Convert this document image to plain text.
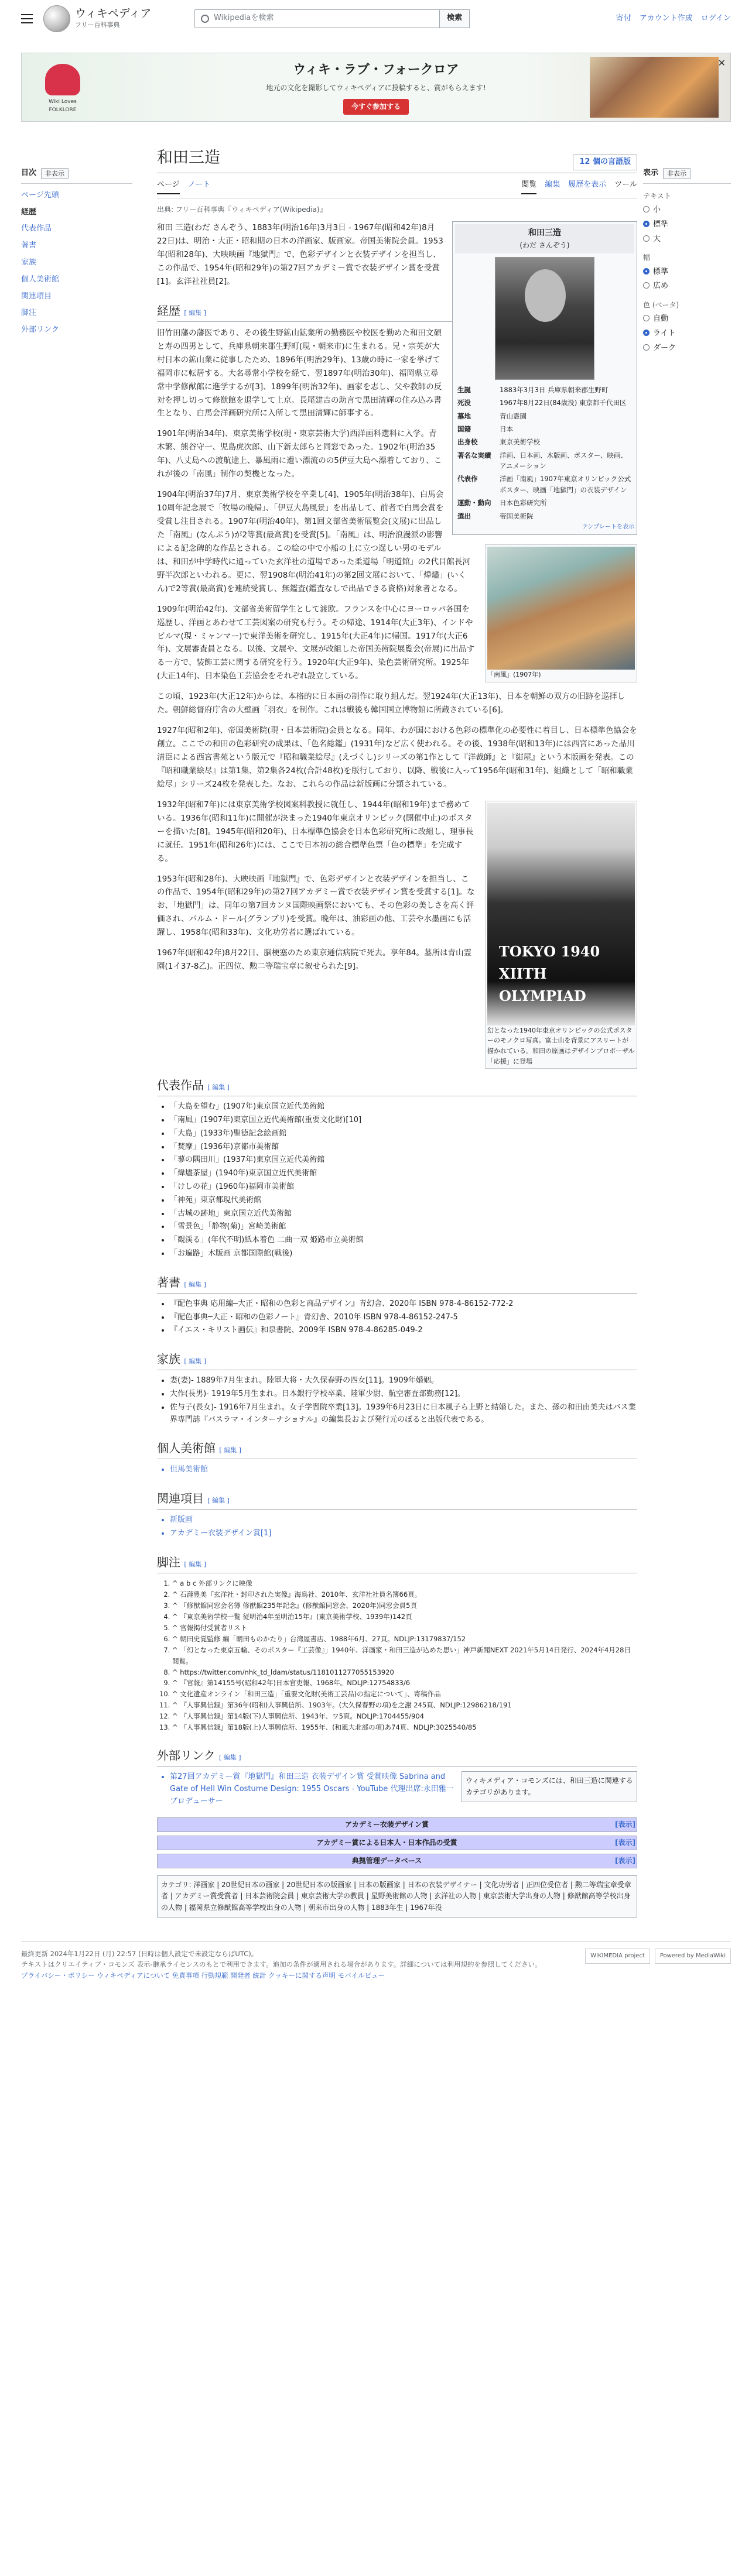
ウィキペディア
フリー百科事典
Wikipediaを検索	検索	寄付 アカウント作成 ログイン
Wiki Loves FOLKLORE
ウィキ・ラブ・フォークロア

地元の文化を撮影してウィキペディアに投稿すると、賞がもらえます!

今すぐ参加する
✕
目次	非表示
ページ先頭
経歴
代表作品
著書
家族
個人美術館
関連項目
脚注
外部リンク
和田三造	12 個の言語版
ページ ノート	閲覧 編集 履歴を表示 ツール
出典: フリー百科事典『ウィキペディア(Wikipedia)』
和田三造
(わだ さんぞう)
生誕	1883年3月3日 兵庫県朝来郡生野町
死没	1967年8月22日(84歳没) 東京都千代田区
墓地	青山霊園
国籍	日本
出身校	東京美術学校
著名な実績	洋画、日本画、木版画、ポスター、映画、アニメーション
代表作	洋画「南風」1907年東京オリンピック公式ポスター、映画「地獄門」の衣装デザイン
運動・動向	日本色彩研究所
選出	帝国美術院
テンプレートを表示

和田 三造(わだ さんぞう、1883年(明治16年)3月3日 - 1967年(昭和42年)8月22日)は、明治・大正・昭和期の日本の洋画家、版画家。帝国美術院会員。1953年(昭和28年)、大映映画『地獄門』で、色彩デザインと衣装デザインを担当し、この作品で、1954年(昭和29年)の第27回アカデミー賞で衣装デザイン賞を受賞[1]。玄洋社社員[2]。

経歴 [ 編集 ]

旧竹田藩の藩医であり、その後生野鉱山鉱業所の勤務医や校医を勤めた和田文碩と寿の四男として、兵庫県朝来郡生野町(現・朝来市)に生まれる。兄・宗英が大村日本の鉱山業に従事したため、1896年(明治29年)、13歳の時に一家を挙げて福岡市に転居する。大名尋常小学校を経て、翌1897年(明治30年)、福岡県立尋常中学修猷館に進学するが[3]、1899年(明治32年)、画家を志し、父や教師の反対を押し切って修猷館を退学して上京。長尾建吉の助言で黒田清輝の住み込み書生となり、白馬会洋画研究所に入所して黒田清輝に師事する。

「南風」(1907年)

1901年(明治34年)、東京美術学校(現・東京芸術大学)西洋画科選科に入学。青木繁、熊谷守一、児島虎次郎、山下新太郎らと同窓であった。1902年(明治35年)、八丈島への渡航途上、暴風雨に遭い漂流のの5伊豆大島へ漂着しており、これが後の「南風」制作の契機となった。

1904年(明治37年)7月、東京美術学校を卒業し[4]、1905年(明治38年)、白馬会10周年記念展で「牧場の晩帰」、「伊豆大島風景」を出品して、前者で白馬会賞を受賞し注目される。1907年(明治40年)、第1回文部省美術展覧会(文展)に出品した「南風」(なんぷう)が2等賞(最高賞)を受賞[5]。「南風」は、明治浪漫派の影響による記念碑的な作品とされる。この絵の中で小船の上に立つ逞しい男のモデルは、和田が中学時代に通っていた玄洋社の道場であった柔道場「明道館」の2代目館長河野半次郎といわれる。更に、翌1908年(明治41年)の第2回文展において、「煒燼」(いくん)で2等賞(最高賞)を連続受賞し、無鑑査(鑑査なしで出品できる資格)対象者となる。

1909年(明治42年)、文部省美術留学生として渡欧。フランスを中心にヨーロッパ各国を巡歴し、洋画とあわせて工芸図案の研究も行う。その帰途、1914年(大正3年)、インドやビルマ(現・ミャンマー)で東洋美術を研究し、1915年(大正4年)に帰国。1917年(大正6年)、文展審査員となる。以後、文展や、文展が改組した帝国美術院展覧会(帝展)に出品する一方で、装飾工芸に関する研究を行う。1920年(大正9年)、染色芸術研究所。1925年(大正14年)、日本染色工芸協会をそれぞれ設立している。

この頃、1923年(大正12年)からは、本格的に日本画の制作に取り組んだ。翌1924年(大正13年)、日本を朝鮮の双方の旧跡を巡拝した。朝鮮総督府庁舎の大壁画「羽衣」を制作。これは戦後も韓国国立博物館に所蔵されている[6]。

1927年(昭和2年)、帝国美術院(現・日本芸術院)会員となる。同年、わが国における色彩の標準化の必要性に着目し、日本標準色協会を創立。ここでの和田の色彩研究の成果は、「色名総鑑」(1931年)など広く使われる。その後、1938年(昭和13年)には西宮にあった品川清臣による西宮書苑という版元で『昭和職業絵尽』(えづくし)シリーズの第1作として『洋裁師』と『紺屋』という木版画を発表。この『昭和職業絵尽』は第1集、第2集各24枚(合計48枚)を版行しており、以降、戦後に入って1956年(昭和31年)、組織として「昭和職業絵尽」シリーズ24枚を発表した。なお、これらの作品は新版画に分類されている。

TOKYO 1940 XIITH OLYMPIAD
幻となった1940年東京オリンピックの公式ポスターのモノクロ写真。富士山を背景にアスリートが描かれている。和田の原画はデザインプロポーザル「応援」に登場

1932年(昭和7年)には東京美術学校図案科教授に就任し、1944年(昭和19年)まで務めている。1936年(昭和11年)に開催が決まった1940年東京オリンピック(開催中止)のポスターを描いた[8]。1945年(昭和20年)、日本標準色協会を日本色彩研究所に改組し、理事長に就任。1951年(昭和26年)には、ここで日本初の総合標準色票「色の標準」を完成する。

1953年(昭和28年)、大映映画『地獄門』で、色彩デザインと衣装デザインを担当し、この作品で、1954年(昭和29年)の第27回アカデミー賞で衣装デザイン賞を受賞する[1]。なお、「地獄門」は、同年の第7回カンヌ国際映画祭においても、その色彩の美しさを高く評価され、パルム・ドール(グランプリ)を受賞。晩年は、油彩画の他、工芸や水墨画にも活躍し、1958年(昭和33年)、文化功労者に選ばれている。

1967年(昭和42年)8月22日、脳梗塞のため東京逓信病院で死去。享年84。墓所は青山霊園(1イ37-8乙)。正四位、勲二等瑞宝章に叙せられた[9]。

代表作品 [ 編集 ]
• 「大島を望む」(1907年)東京国立近代美術館
• 「南風」(1907年)東京国立近代美術館(重要文化財)[10]
• 「大島」(1933年)聖徳記念絵画館
• 「焚摩」(1936年)京都市美術館
• 「蓼の隅田川」(1937年)東京国立近代美術館
• 「煒燼茶屋」(1940年)東京国立近代美術館
• 「けしの花」(1960年)福岡市美術館
• 「神苑」東京都現代美術館
• 「古城の跡地」東京国立近代美術館
• 「雪景色」「静物(菊)」宮崎美術館
• 「観渓る」(年代不明)紙本着色 二曲一双 姫路市立美術館
• 「お遍路」木版画 京都国際館(戦後)
著書 [ 編集 ]
• 『配色事典 応用編─大正・昭和の色彩と商品デザイン』青幻舎、2020年 ISBN 978-4-86152-772-2
• 『配色事典─大正・昭和の色彩ノート』青幻舎、2010年 ISBN 978-4-86152-247-5
• 『イエス・キリスト画伝』和泉書院、2009年 ISBN 978-4-86285-049-2
家族 [ 編集 ]
• 妻(妻)- 1889年7月生まれ。陸軍大将・大久保春野の四女[11]。1909年婚姻。
• 大作(長男)- 1919年5月生まれ。日本銀行学校卒業、陸軍少尉、航空審査部勤務[12]。
• 佐与子(長女)- 1916年7月生まれ。女子学習院卒業[13]。1939年6月23日に日本風子ら上野と結婚した。また、孫の和田由美夫はバス業界専門誌『バスラマ・インターナショナル』の編集長および発行元のぽると出版代表である。
個人美術館 [ 編集 ]
• 但馬美術館
関連項目 [ 編集 ]
• 新版画
• アカデミー衣装デザイン賞[1]
脚注 [ 編集 ]
1. ^ a b c 外部リンクに映像
2. ^ 石瀧豊美『玄洋社・封印された実像』海鳥社、2010年、玄洋社社員名簿66頁。
3. ^ 『修猷館同窓会名簿 修猷館235年記念』(修猷館同窓会、2020年)同窓会員5頁
4. ^ 『東京美術学校一覧 従明治4年至明治15年』(東京美術学校、1939年)142頁
5. ^ 官報掲付受賞者リスト
6. ^ 朝田史覚監修 編「朝田ものかたり」台湾屋書店、1988年6月、27頁。NDLJP:13179837/152
7. ^ 「幻となった東京五輪、そのポスター『工芸像』」1940年、洋画家・和田三造が込めた思い」神戸新聞NEXT 2021年5月14日発行、2024年4月28日閲覧。
8. ^ https://twitter.com/nhk_td_ldam/status/1181011277055153920
9. ^ 『官報』第14155号(昭和42年)日本官吏報、1968年。NDLJP:12754833/6
10. ^ 文化遺産オンライン「和田三造」「重要文化財(美術工芸品)の指定について」、寄稿作品
11. ^ 『人事興信録』第36年(昭和)人事興信所、1903年。(大久保春野の項)を之謝 245頁、NDLJP:12986218/191
12. ^ 『人事興信録』第14版(下)人事興信所、1943年、ワ5頁。NDLJP:1704455/904
13. ^ 『人事興信録』第18版(上)人事興信所、1955年、(和風大北部の項)あ74頁、NDLJP:3025540/85
外部リンク [ 編集 ]
ウィキメディア・コモンズには、和田三造に関連するカテゴリがあります。
• 第27回アカデミー賞『地獄門』和田三造 衣装デザイン賞 受賞映像 Sabrina and Gate of Hell Win Costume Design: 1955 Oscars - YouTube 代理出席:永田雅一 プロデューサー
アカデミー衣装デザイン賞	[表示]
アカデミー賞による日本人・日本作品の受賞	[表示]
典拠管理データベース	[表示]
カテゴリ: 洋画家 | 20世紀日本の画家 | 20世紀日本の版画家 | 日本の版画家 | 日本の衣装デザイナー | 文化功労者 | 正四位受位者 | 勲二等瑞宝章受章者 | アカデミー賞受賞者 | 日本芸術院会員 | 東京芸術大学の教員 | 星野美術館の人物 | 玄洋社の人物 | 東京芸術大学出身の人物 | 修猷館高等学校出身の人物 | 福岡県立修猷館高等学校出身の人物 | 朝来市出身の人物 | 1883年生 | 1967年没
表示	非表示
テキスト
小
標準
大
幅
標準
広め
色 (ベータ)
自動
ライト
ダーク
WIKIMEDIA project	Powered by MediaWiki
最終更新 2024年1月22日 (月) 22:57 (日時は個人設定で未設定ならばUTC)。
テキストはクリエイティブ・コモンズ 表示-継承ライセンスのもとで利用できます。追加の条件が適用される場合があります。詳細については利用規約を参照してください。
プライバシー・ポリシー ウィキペディアについて 免責事項 行動規範 開発者 統計 クッキーに関する声明 モバイルビュー
